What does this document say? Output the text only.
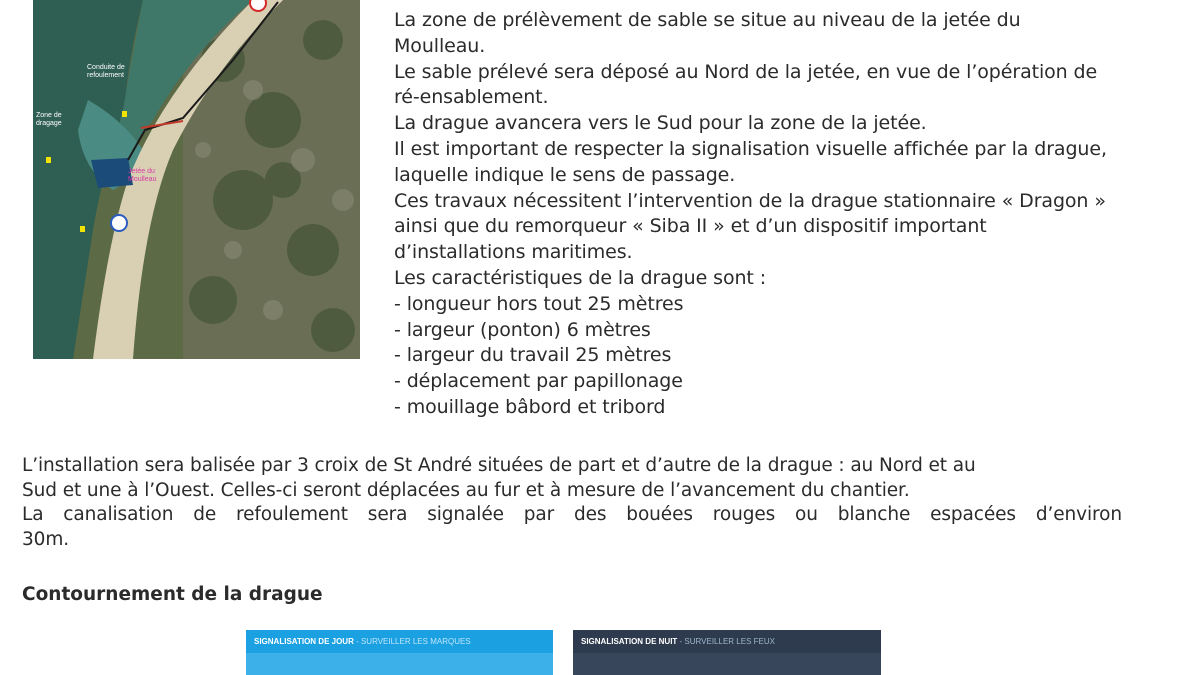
Conduite de refoulement
Zone de dragage
Jetée du Moulleau
La zone de prélèvement de sable se situe au niveau de la jetée du
Moulleau.
Le sable prélevé sera déposé au Nord de la jetée, en vue de l’opération de
ré-ensablement.
La drague avancera vers le Sud pour la zone de la jetée.
Il est important de respecter la signalisation visuelle affichée par la drague,
laquelle indique le sens de passage.
Ces travaux nécessitent l’intervention de la drague stationnaire « Dragon »
ainsi que du remorqueur « Siba II » et d’un dispositif important
d’installations maritimes.
Les caractéristiques de la drague sont :
- longueur hors tout 25 mètres
- largeur (ponton) 6 mètres
- largeur du travail 25 mètres
- déplacement par papillonage
- mouillage bâbord et tribord
L’installation sera balisée par 3 croix de St André situées de part et d’autre de la drague : au Nord et au
Sud et une à l’Ouest. Celles-ci seront déplacées au fur et à mesure de l’avancement du chantier.
La canalisation de refoulement sera signalée par des bouées rouges ou blanche espacées d’environ
30m.
Contournement de la drague
SIGNALISATION DE JOUR - SURVEILLER LES MARQUES	SIGNALISATION DE NUIT - SURVEILLER LES FEUX
